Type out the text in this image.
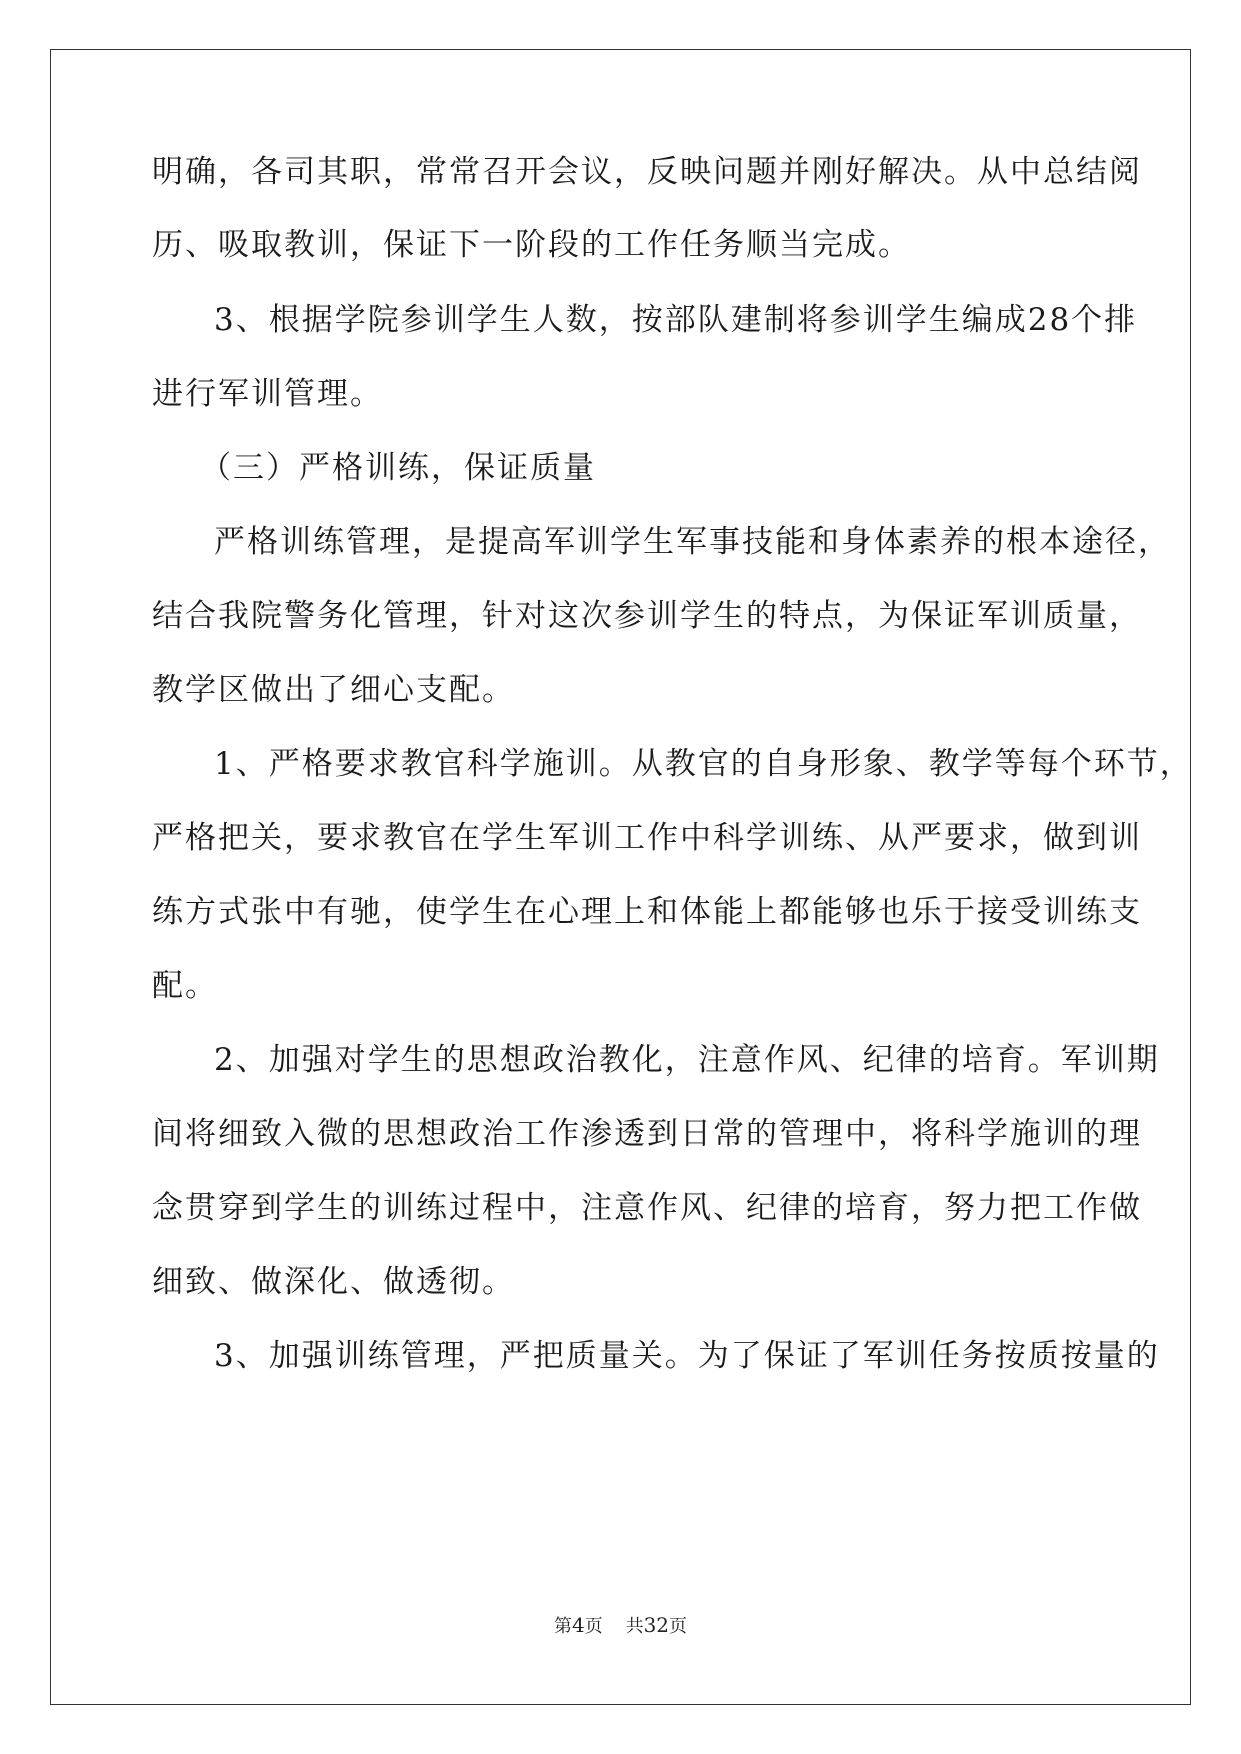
明确，各司其职，常常召开会议，反映问题并刚好解决。从中总结阅
历、吸取教训，保证下一阶段的工作任务顺当完成。
3、根据学院参训学生人数，按部队建制将参训学生编成28个排
进行军训管理。
（三）严格训练，保证质量
严格训练管理，是提高军训学生军事技能和身体素养的根本途径，
结合我院警务化管理，针对这次参训学生的特点，为保证军训质量，
教学区做出了细心支配。
1、严格要求教官科学施训。从教官的自身形象、教学等每个环节，
严格把关，要求教官在学生军训工作中科学训练、从严要求，做到训
练方式张中有驰，使学生在心理上和体能上都能够也乐于接受训练支
配。
2、加强对学生的思想政治教化，注意作风、纪律的培育。军训期
间将细致入微的思想政治工作渗透到日常的管理中，将科学施训的理
念贯穿到学生的训练过程中，注意作风、纪律的培育，努力把工作做
细致、做深化、做透彻。
3、加强训练管理，严把质量关。为了保证了军训任务按质按量的
第4页 共32页
